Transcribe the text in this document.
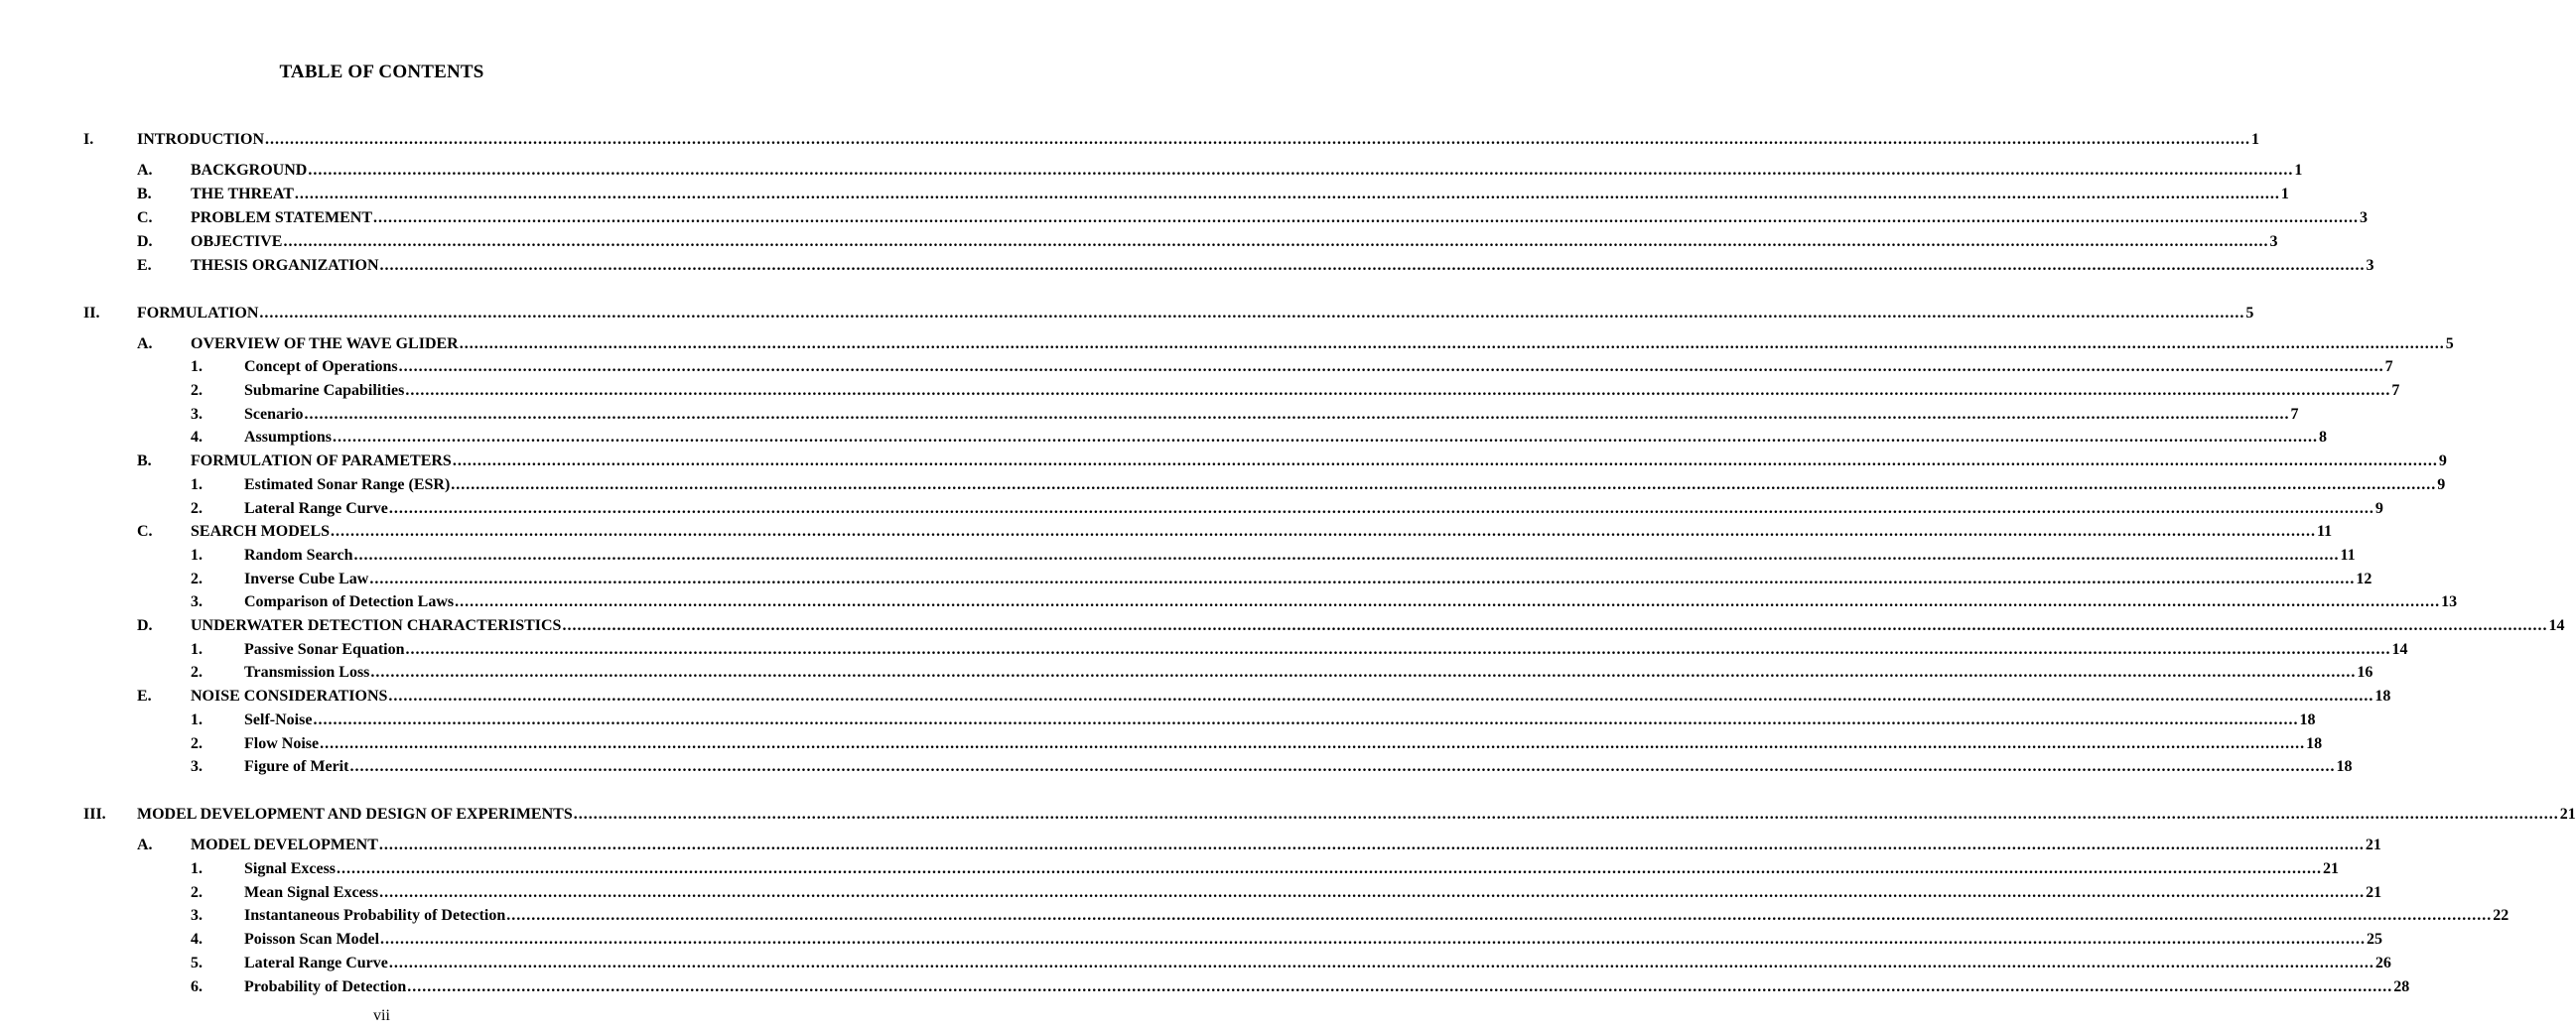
TABLE OF CONTENTS
I.	INTRODUCTION ................................................................................................................................................................................................................................................................................................................................................................................................................ 1
A. BACKGROUND ................................................................................................................................................................................................................................................................................................................................................................................................................ 1
B. THE THREAT ................................................................................................................................................................................................................................................................................................................................................................................................................ 1
C. PROBLEM STATEMENT ................................................................................................................................................................................................................................................................................................................................................................................................................ 3
D. OBJECTIVE ................................................................................................................................................................................................................................................................................................................................................................................................................ 3
E. THESIS ORGANIZATION ................................................................................................................................................................................................................................................................................................................................................................................................................ 3
II. FORMULATION ................................................................................................................................................................................................................................................................................................................................................................................................................ 5
A. OVERVIEW OF THE WAVE GLIDER ................................................................................................................................................................................................................................................................................................................................................................................................................ 5
1.	Concept of Operations ................................................................................................................................................................................................................................................................................................................................................................................................................ 7
2.	Submarine Capabilities ................................................................................................................................................................................................................................................................................................................................................................................................................ 7
3.	Scenario ................................................................................................................................................................................................................................................................................................................................................................................................................ 7
4.	Assumptions ................................................................................................................................................................................................................................................................................................................................................................................................................ 8
B. FORMULATION OF PARAMETERS ................................................................................................................................................................................................................................................................................................................................................................................................................ 9
1.	Estimated Sonar Range (ESR) ................................................................................................................................................................................................................................................................................................................................................................................................................ 9
2.	Lateral Range Curve ................................................................................................................................................................................................................................................................................................................................................................................................................ 9
C. SEARCH MODELS ................................................................................................................................................................................................................................................................................................................................................................................................................ 11
1.	Random Search ................................................................................................................................................................................................................................................................................................................................................................................................................ 11
2.	Inverse Cube Law ................................................................................................................................................................................................................................................................................................................................................................................................................ 12
3.	Comparison of Detection Laws ................................................................................................................................................................................................................................................................................................................................................................................................................ 13
D. UNDERWATER DETECTION CHARACTERISTICS ................................................................................................................................................................................................................................................................................................................................................................................................................ 14
1.	Passive Sonar Equation ................................................................................................................................................................................................................................................................................................................................................................................................................ 14
2.	Transmission Loss ................................................................................................................................................................................................................................................................................................................................................................................................................ 16
E. NOISE CONSIDERATIONS ................................................................................................................................................................................................................................................................................................................................................................................................................ 18
1.	Self-Noise ................................................................................................................................................................................................................................................................................................................................................................................................................ 18
2.	Flow Noise ................................................................................................................................................................................................................................................................................................................................................................................................................ 18
3.	Figure of Merit ................................................................................................................................................................................................................................................................................................................................................................................................................ 18
III. MODEL DEVELOPMENT AND DESIGN OF EXPERIMENTS ................................................................................................................................................................................................................................................................................................................................................................................................................ 21
A. MODEL DEVELOPMENT ................................................................................................................................................................................................................................................................................................................................................................................................................ 21
1.	Signal Excess ................................................................................................................................................................................................................................................................................................................................................................................................................ 21
2.	Mean Signal Excess ................................................................................................................................................................................................................................................................................................................................................................................................................ 21
3.	Instantaneous Probability of Detection ................................................................................................................................................................................................................................................................................................................................................................................................................ 22
4.	Poisson Scan Model ................................................................................................................................................................................................................................................................................................................................................................................................................ 25
5.	Lateral Range Curve ................................................................................................................................................................................................................................................................................................................................................................................................................ 26
6.	Probability of Detection ................................................................................................................................................................................................................................................................................................................................................................................................................ 28
vii
